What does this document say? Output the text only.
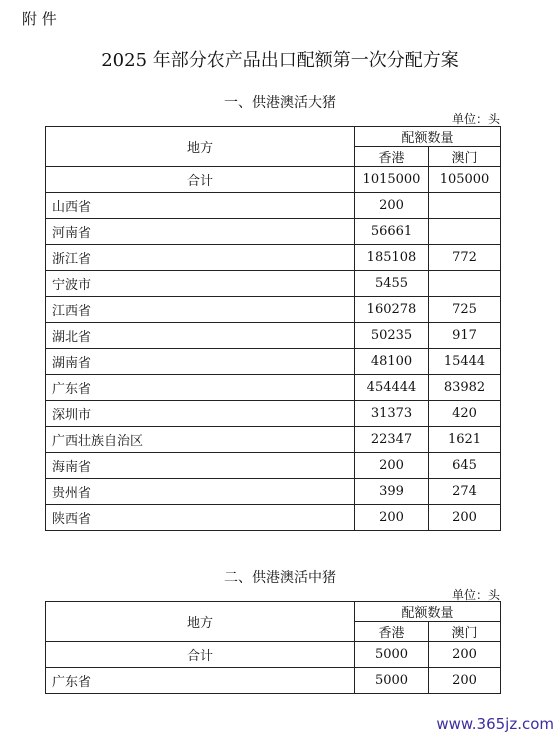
附 件
2025 年部分农产品出口配额第一次分配方案
一、供港澳活大猪
单位：头
地方	配额数量	
	香港	澳门
合计	1015000	105000
山西省	200	
河南省	56661	
浙江省	185108	772
宁波市	5455	
江西省	160278	725
湖北省	50235	917
湖南省	48100	15444
广东省	454444	83982
深圳市	31373	420
广西壮族自治区	22347	1621
海南省	200	645
贵州省	399	274
陕西省	200	200
二、供港澳活中猪
单位：头
地方	配额数量	
	香港	澳门
合计	5000	200
广东省	5000	200
www.365jz.com
